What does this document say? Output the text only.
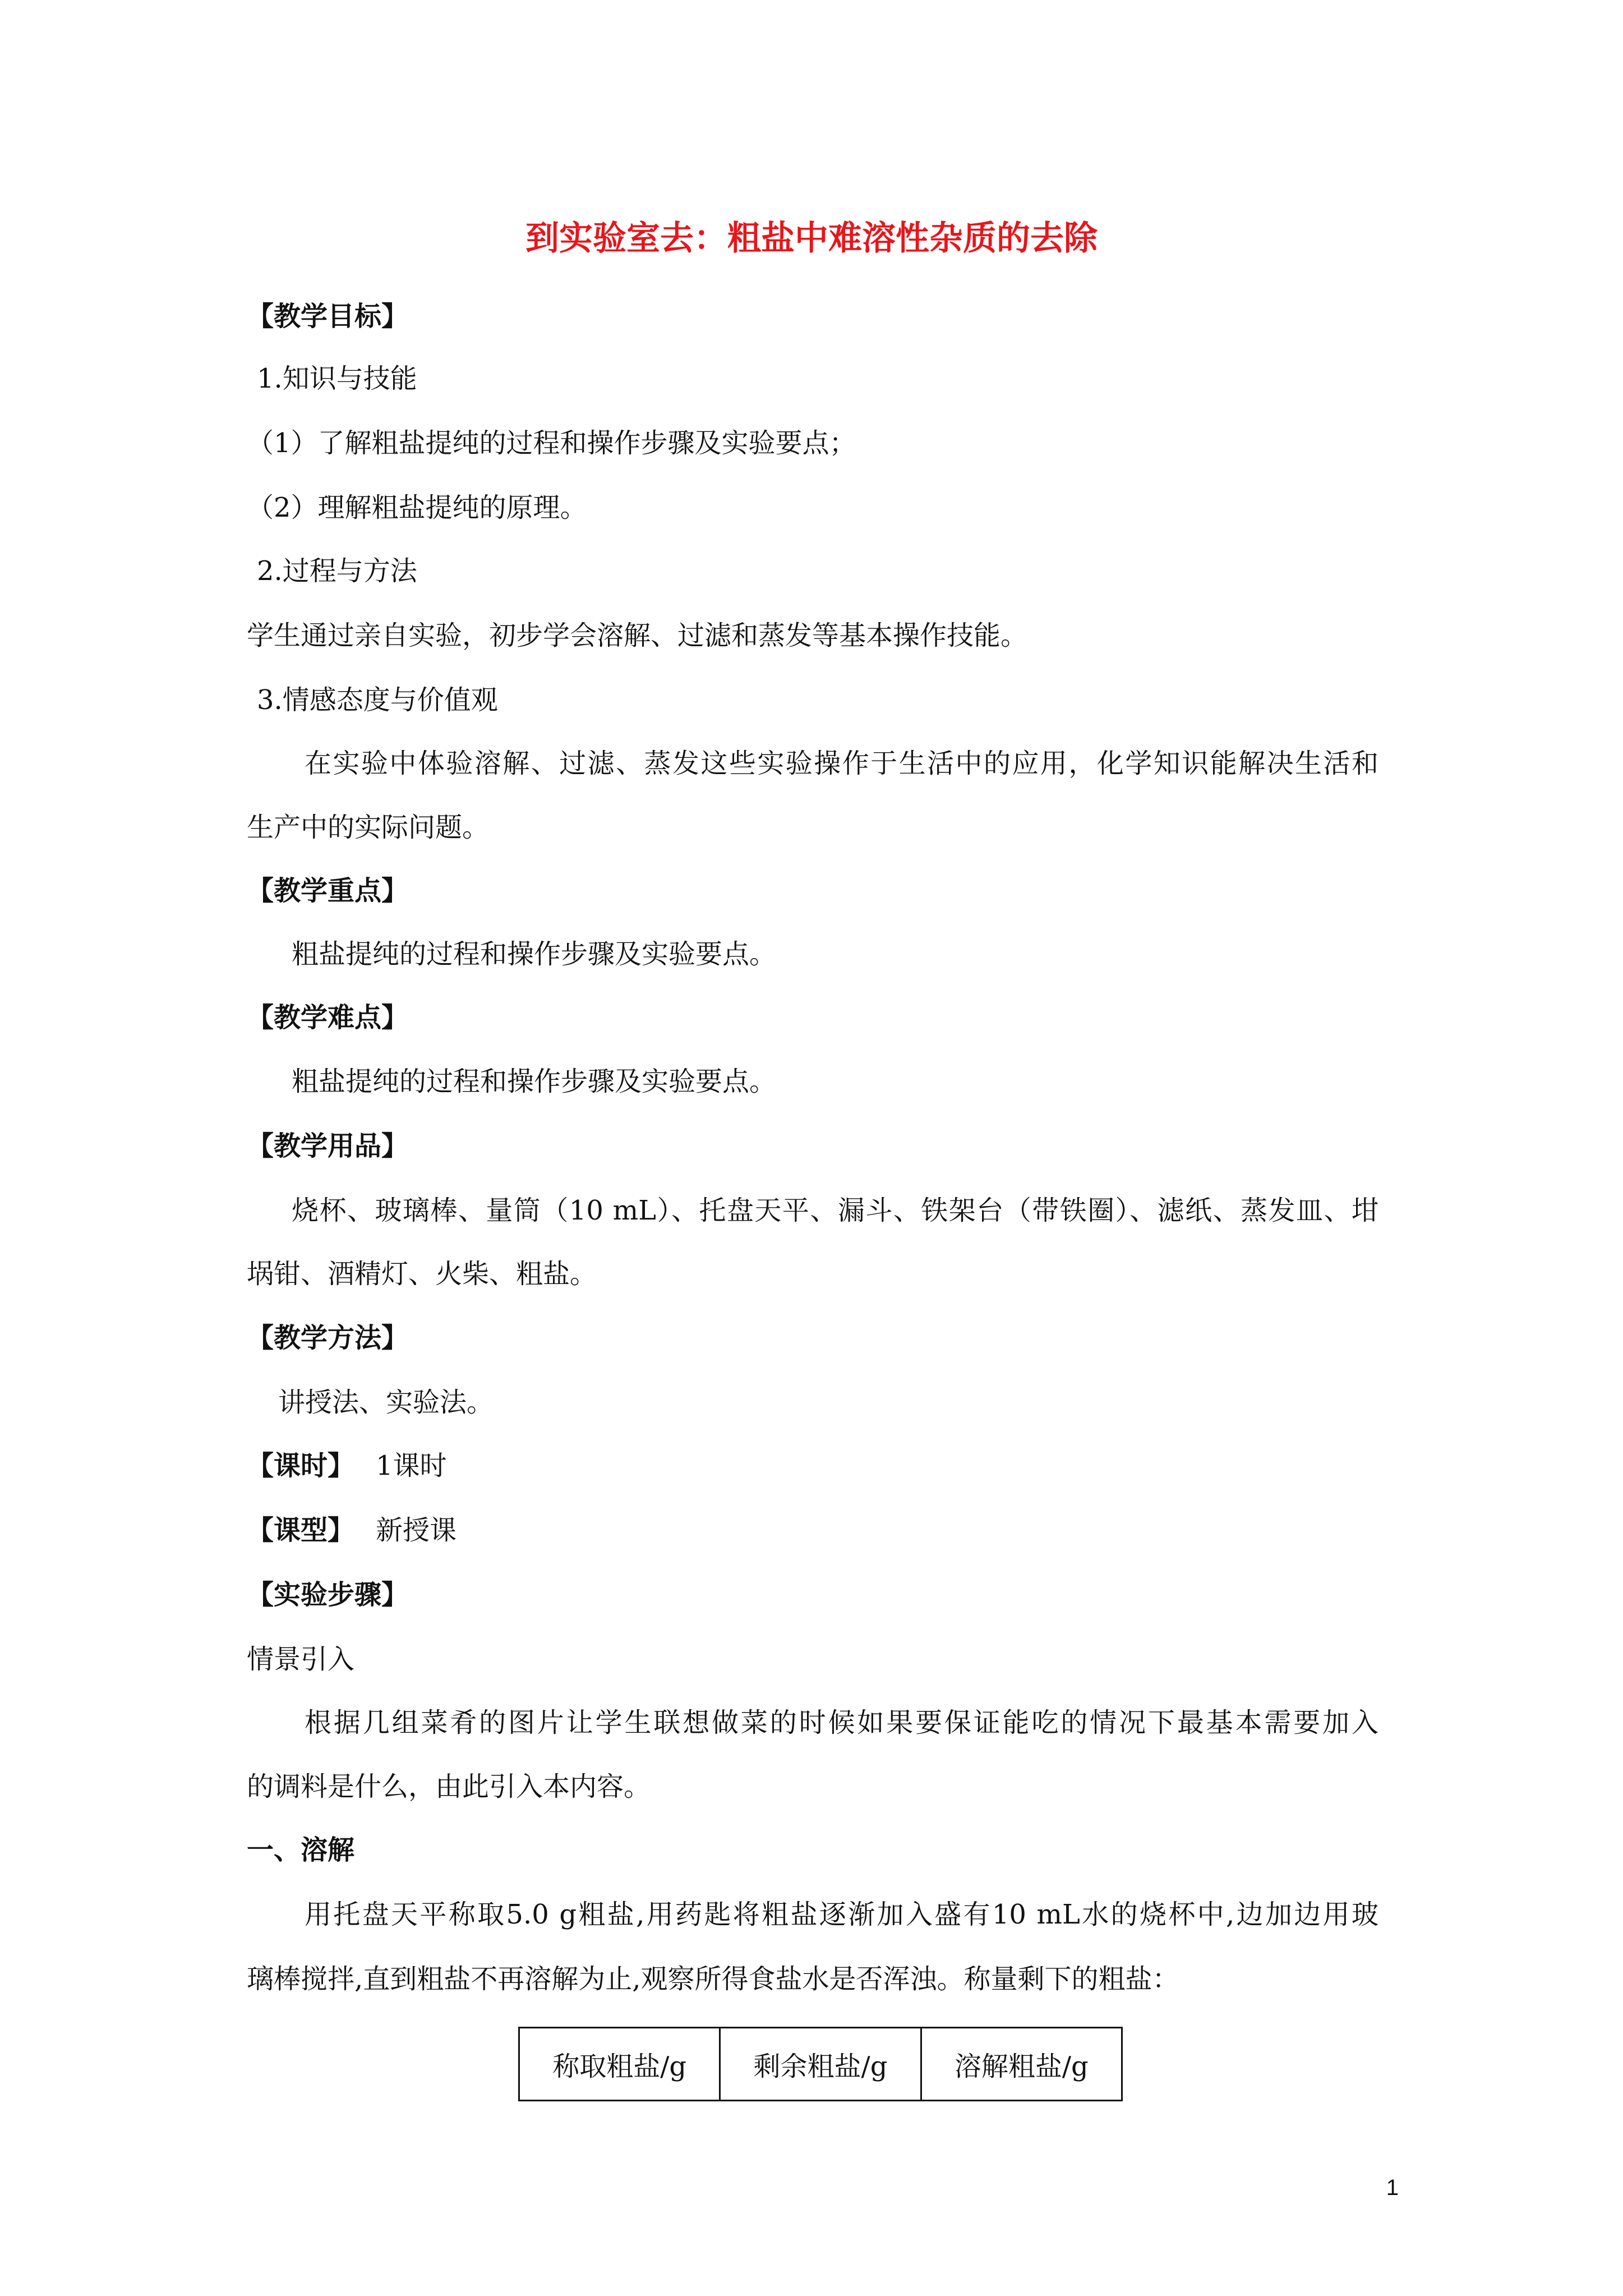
到实验室去：粗盐中难溶性杂质的去除
【教学目标】
1.知识与技能
（1）了解粗盐提纯的过程和操作步骤及实验要点；
（2）理解粗盐提纯的原理。
2.过程与方法
学生通过亲自实验，初步学会溶解、过滤和蒸发等基本操作技能。
3.情感态度与价值观
在实验中体验溶解、过滤、蒸发这些实验操作于生活中的应用，化学知识能解决生活和
生产中的实际问题。
【教学重点】
粗盐提纯的过程和操作步骤及实验要点。
【教学难点】
粗盐提纯的过程和操作步骤及实验要点。
【教学用品】
烧杯、玻璃棒、量筒（10 mL）、托盘天平、漏斗、铁架台（带铁圈）、滤纸、蒸发皿、坩
埚钳、酒精灯、火柴、粗盐。
【教学方法】
讲授法、实验法。
【课时】 1课时
【课型】 新授课
【实验步骤】
情景引入
根据几组菜肴的图片让学生联想做菜的时候如果要保证能吃的情况下最基本需要加入
的调料是什么，由此引入本内容。
一、溶解
用托盘天平称取5.0 g粗盐,用药匙将粗盐逐渐加入盛有10 mL水的烧杯中,边加边用玻
璃棒搅拌,直到粗盐不再溶解为止,观察所得食盐水是否浑浊。称量剩下的粗盐：
称取粗盐/g	剩余粗盐/g	溶解粗盐/g
1
